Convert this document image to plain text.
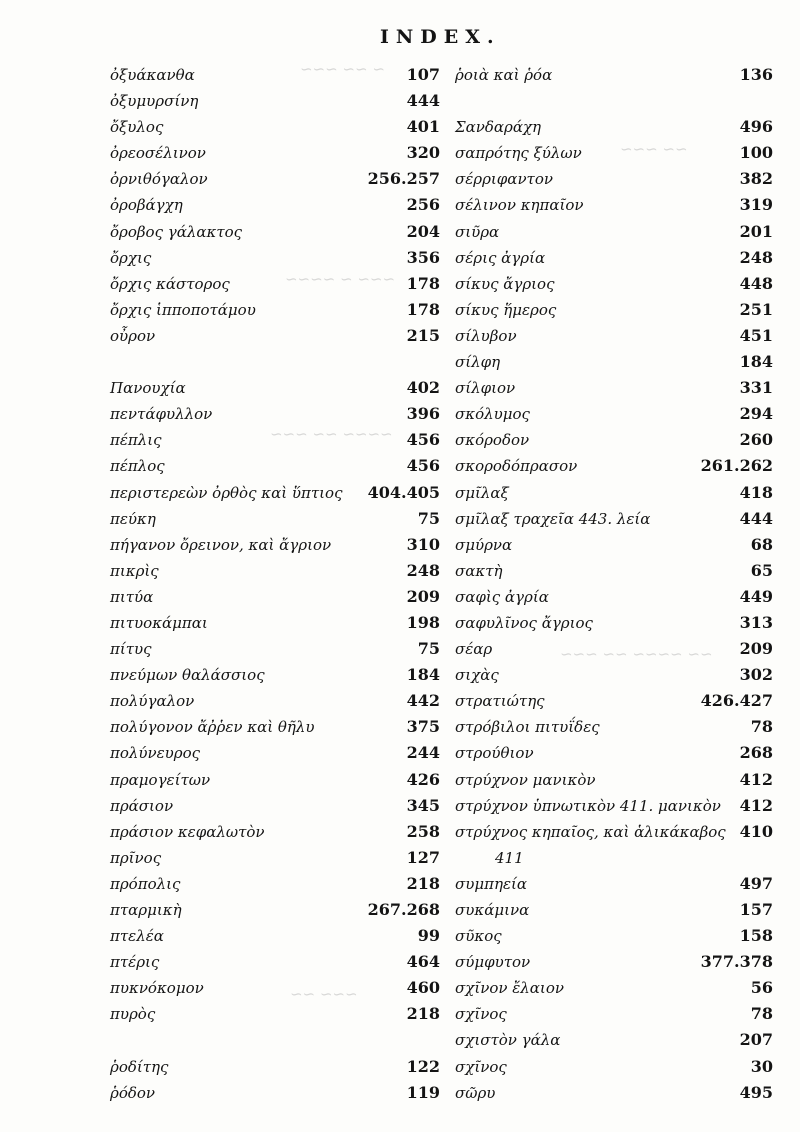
~ ~~ ~~~
~~~ ~ ~~~~
~~~~ ~~ ~~~
~~ ~~~
~~ ~~~~ ~~ ~~~
~~~ ~~
INDEX.
ὀξυάκανθα	107
ὀξυμυρσίνη	444
ὄξυλος	401
ὀρεοσέλινον	320
ὀρνιθόγαλον	256.257
ὀροβάγχη	256
ὄροβος γάλακτος	204
ὄρχις	356
ὄρχις κάστορος	178
ὄρχις ἱπποποτάμου	178
οὖρον	215
Πανουχία	402
πεντάφυλλον	396
πέπλις	456
πέπλος	456
περιστερεὼν ὀρθὸς καὶ ὕπτιος 404.405
πεύκη	75
πήγανον ὄρεινον, καὶ ἄγριον	310
πικρὶς	248
πιτύα	209
πιτυοκάμπαι	198
πίτυς	75
πνεύμων θαλάσσιος	184
πολύγαλον	442
πολύγονον ἄῤῥεν καὶ θῆλυ	375
πολύνευρος	244
πραμογείτων	426
πράσιον	345
πράσιον κεφαλωτὸν	258
πρῖνος	127
πρόπολις	218
πταρμικὴ	267.268
πτελέα	99
πτέρις	464
πυκνόκομον	460
πυρὸς	218
ῥοδίτης	122
ῥόδον	119
ῥοιὰ καὶ ῥόα	136
Σανδαράχη	496
σαπρότης ξύλων	100
σέρριφαντον	382
σέλινον κηπαῖον	319
σιῦρα	201
σέρις ἀγρία	248
σίκυς ἄγριος	448
σίκυς ἥμερος	251
σίλυβον	451
σίλφη	184
σίλφιον	331
σκόλυμος	294
σκόροδον	260
σκοροδόπρασον	261.262
σμῖλαξ	418
σμῖλαξ τραχεῖα 443. λεία	444
σμύρνα	68
σακτὴ	65
σαφὶς ἀγρία	449
σαφυλῖνος ἄγριος	313
σέαρ	209
σιχὰς	302
στρατιώτης	426.427
στρόβιλοι πιτυΐδες	78
στρούθιον	268
στρύχνον μανικὸν	412
στρύχνον ὑπνωτικὸν 411. μανικὸν 412
στρύχνος κηπαῖος, καὶ ἁλικάκαβος 410
411
συμπηεία	497
συκάμινα	157
σῦκος	158
σύμφυτον	377.378
σχῖνον ἔλαιον	56
σχῖνος	78
σχιστὸν γάλα	207
σχῖνος	30
σῶρυ	495
